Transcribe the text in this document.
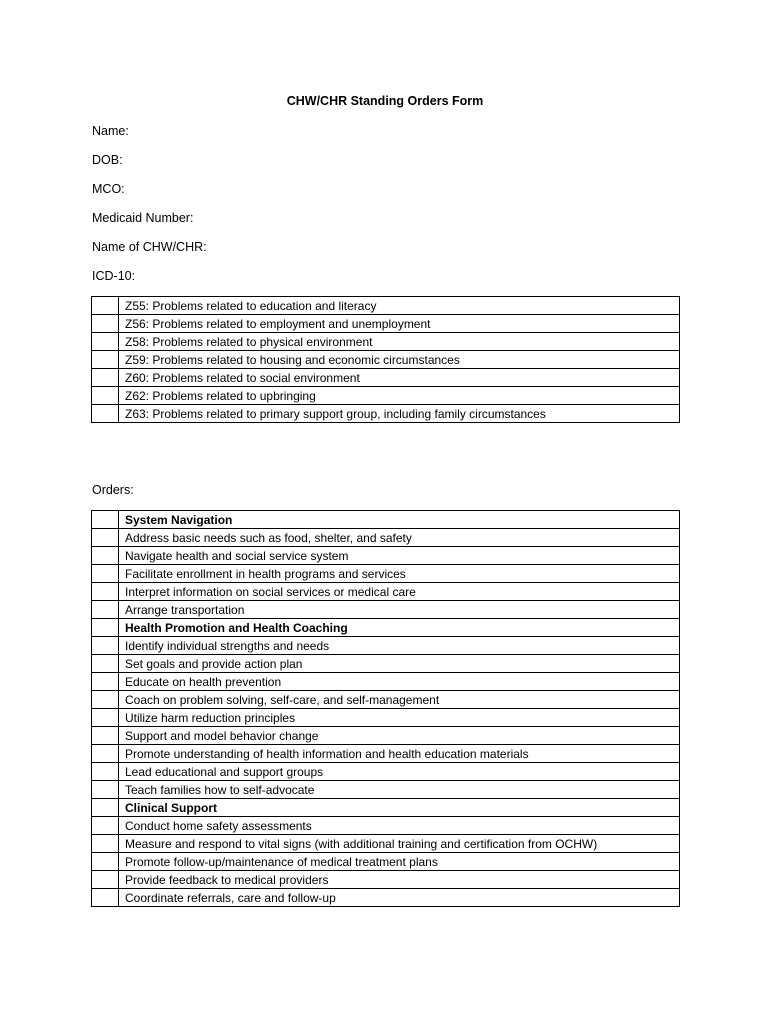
CHW/CHR Standing Orders Form
Name:
DOB:
MCO:
Medicaid Number:
Name of CHW/CHR:
ICD-10:
	Z55: Problems related to education and literacy
	Z56: Problems related to employment and unemployment
	Z58: Problems related to physical environment
	Z59: Problems related to housing and economic circumstances
	Z60: Problems related to social environment
	Z62: Problems related to upbringing
	Z63: Problems related to primary support group, including family circumstances
Orders:
	System Navigation
	Address basic needs such as food, shelter, and safety
	Navigate health and social service system
	Facilitate enrollment in health programs and services
	Interpret information on social services or medical care
	Arrange transportation
	Health Promotion and Health Coaching
	Identify individual strengths and needs
	Set goals and provide action plan
	Educate on health prevention
	Coach on problem solving, self-care, and self-management
	Utilize harm reduction principles
	Support and model behavior change
	Promote understanding of health information and health education materials
	Lead educational and support groups
	Teach families how to self-advocate
	Clinical Support
	Conduct home safety assessments
	Measure and respond to vital signs (with additional training and certification from OCHW)
	Promote follow-up/maintenance of medical treatment plans
	Provide feedback to medical providers
	Coordinate referrals, care and follow-up
